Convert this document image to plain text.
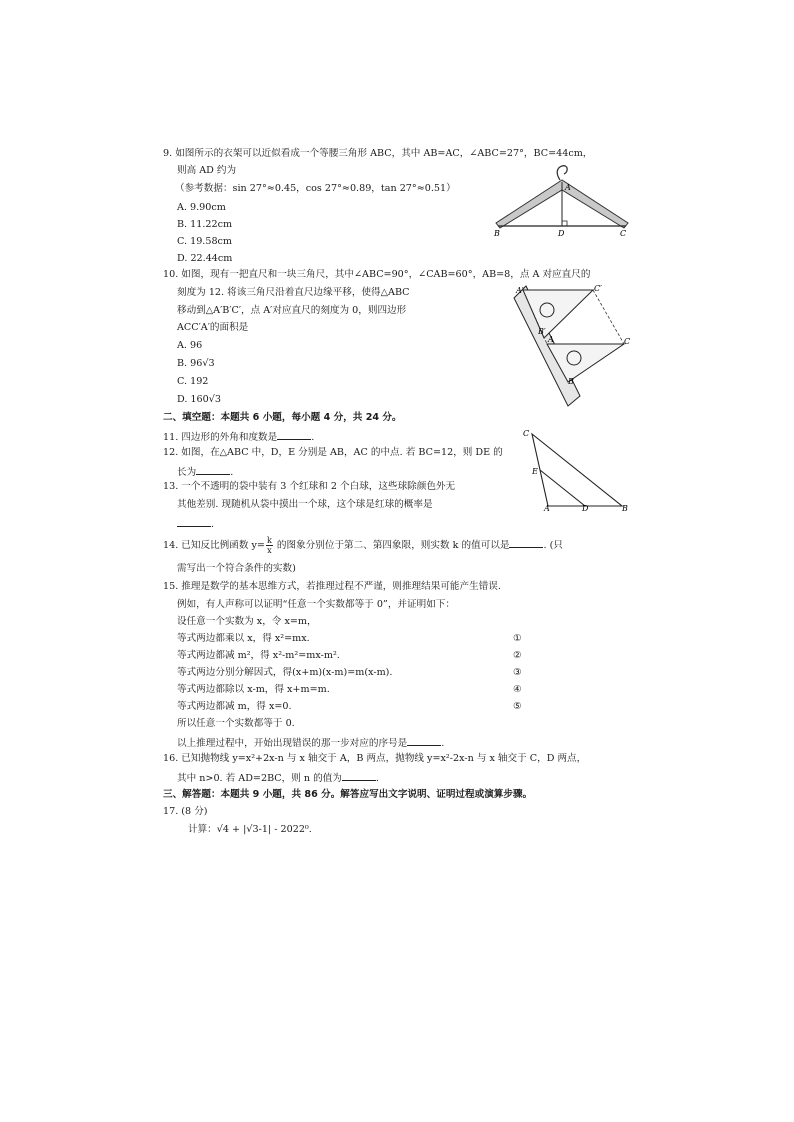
9. 如图所示的衣架可以近似看成一个等腰三角形 ABC，其中 AB=AC，∠ABC=27°，BC=44cm，
则高 AD 约为
（参考数据：sin 27°≈0.45，cos 27°≈0.89，tan 27°≈0.51）
A. 9.90cm
B. 11.22cm
C. 19.58cm
D. 22.44cm
A
B	D	C
10. 如图，现有一把直尺和一块三角尺，其中∠ABC=90°，∠CAB=60°，AB=8，点 A 对应直尺的
刻度为 12. 将该三角尺沿着直尺边缘平移，使得△ABC
移动到△A′B′C′，点 A′对应直尺的刻度为 0，则四边形
ACC′A′的面积是
A. 96
B. 96√3
C. 192
D. 160√3
A′	C′
B′
A	C
B
二、填空题：本题共 6 小题，每小题 4 分，共 24 分。
11. 四边形的外角和度数是	.
12. 如图，在△ABC 中，D，E 分别是 AB，AC 的中点. 若 BC=12，则 DE 的
长为	.
C
E
A	D	B
13. 一个不透明的袋中装有 3 个红球和 2 个白球，这些球除颜色外无
其他差别. 现随机从袋中摸出一个球，这个球是红球的概率是
.
14. 已知反比例函数 $y= \frac{k}{x}$ 的图象分别位于第二、第四象限，则实数 k 的值可以是	. (只
需写出一个符合条件的实数)
15. 推理是数学的基本思维方式，若推理过程不严谨，则推理结果可能产生错误.
例如，有人声称可以证明“任意一个实数都等于 0”，并证明如下：
设任意一个实数为 x，令 x=m，
等式两边都乘以 x，得 x²=mx.	①
等式两边都减 m²，得 x²-m²=mx-m².	②
等式两边分别分解因式，得(x+m)(x-m)=m(x-m).	③
等式两边都除以 x-m，得 x+m=m.	④
等式两边都减 m，得 x=0.	⑤
所以任意一个实数都等于 0.
以上推理过程中，开始出现错误的那一步对应的序号是	.
16. 已知抛物线 y=x²+2x-n 与 x 轴交于 A，B 两点，抛物线 y=x²-2x-n 与 x 轴交于 C，D 两点，
其中 n>0. 若 AD=2BC，则 n 的值为	.
三、解答题：本题共 9 小题，共 86 分。解答应写出文字说明、证明过程或演算步骤。
17. (8 分)
计算：√4 + |√3-1| - 2022⁰.
